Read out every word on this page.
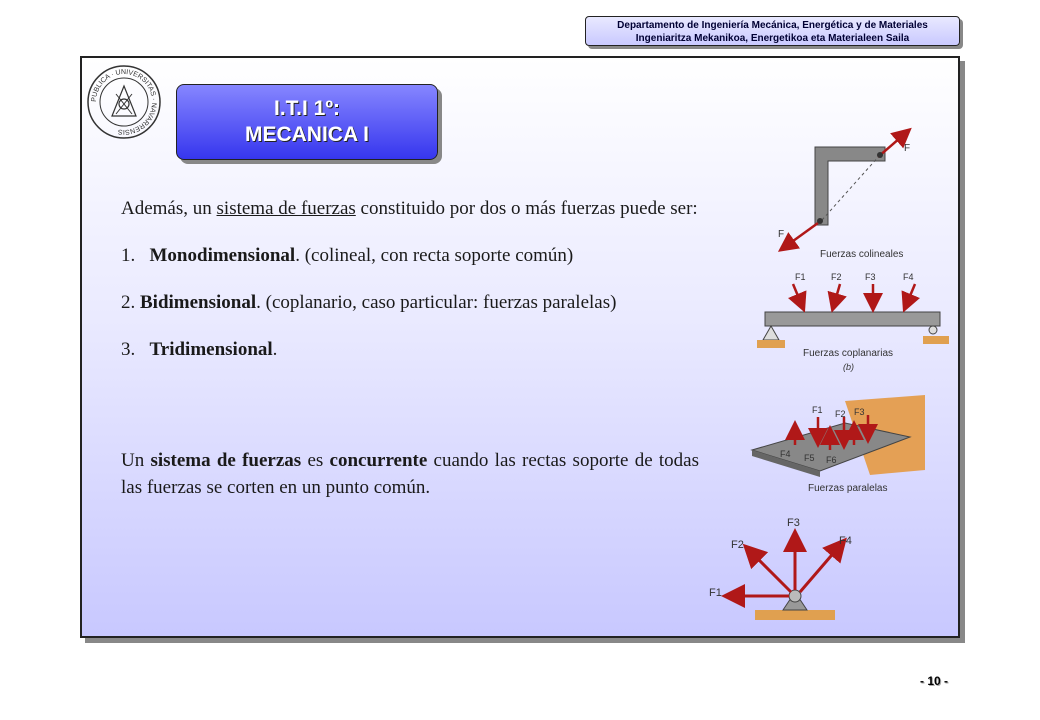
Departamento de Ingeniería Mecánica, Energética y de Materiales
Ingeniaritza Mekanikoa, Energetikoa eta Materialeen Saila
PUBLICA · UNIVERSITAS · NAVARRENSIS
I.T.I 1º:
MECANICA I

Además, un sistema de fuerzas constituido por dos o más fuerzas puede ser:

1.   Monodimensional. (colineal, con recta soporte común)

2. Bidimensional. (coplanario, caso particular: fuerzas paralelas)

3.   Tridimensional.

Un sistema de fuerzas es concurrente cuando las rectas soporte de todas las fuerzas se corten en un punto común.

F
F
Fuerzas colineales
F1	F2	F3	F4
Fuerzas coplanarias
(b)
F1 F2 F3
F4 F5 F6
Fuerzas paralelas
F1
F2
F3
F4
- 10 -
